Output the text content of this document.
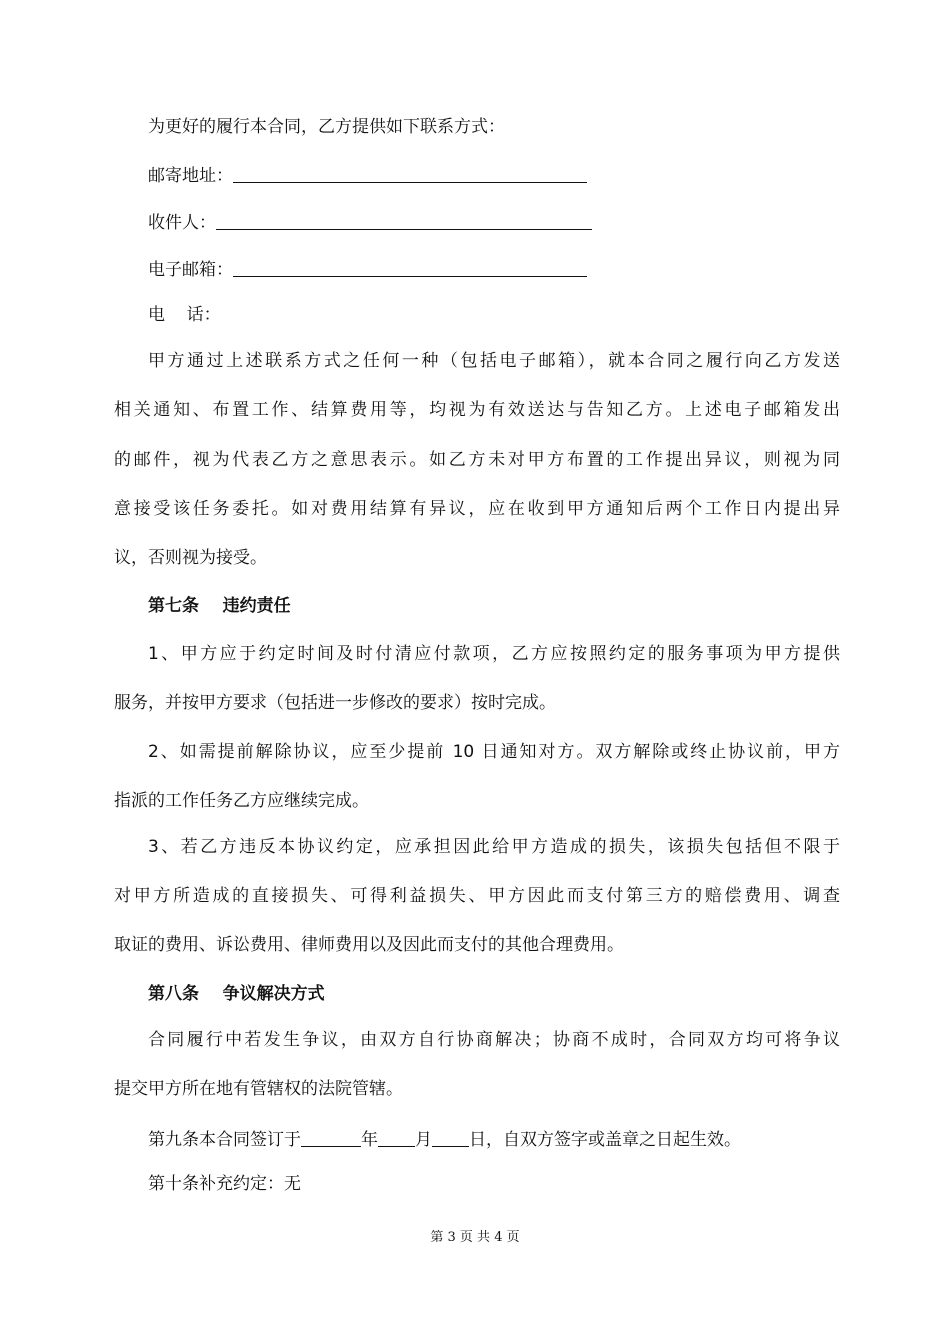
为更好的履行本合同，乙方提供如下联系方式：
邮寄地址：
收件人：
电子邮箱：
电    话：
甲方通过上述联系方式之任何一种（包括电子邮箱），就本合同之履行向乙方发送
相关通知、布置工作、结算费用等，均视为有效送达与告知乙方。上述电子邮箱发出
的邮件，视为代表乙方之意思表示。如乙方未对甲方布置的工作提出异议，则视为同
意接受该任务委托。如对费用结算有异议，应在收到甲方通知后两个工作日内提出异
议，否则视为接受。
第七条    违约责任
1、甲方应于约定时间及时付清应付款项，乙方应按照约定的服务事项为甲方提供
服务，并按甲方要求（包括进一步修改的要求）按时完成。
2、如需提前解除协议，应至少提前 10 日通知对方。双方解除或终止协议前，甲方
指派的工作任务乙方应继续完成。
3、若乙方违反本协议约定，应承担因此给甲方造成的损失，该损失包括但不限于
对甲方所造成的直接损失、可得利益损失、甲方因此而支付第三方的赔偿费用、调查
取证的费用、诉讼费用、律师费用以及因此而支付的其他合理费用。
第八条    争议解决方式
合同履行中若发生争议，由双方自行协商解决；协商不成时，合同双方均可将争议
提交甲方所在地有管辖权的法院管辖。
第九条本合同签订于	年 月 日，自双方签字或盖章之日起生效。
第十条补充约定：无
第 3 页 共 4 页
